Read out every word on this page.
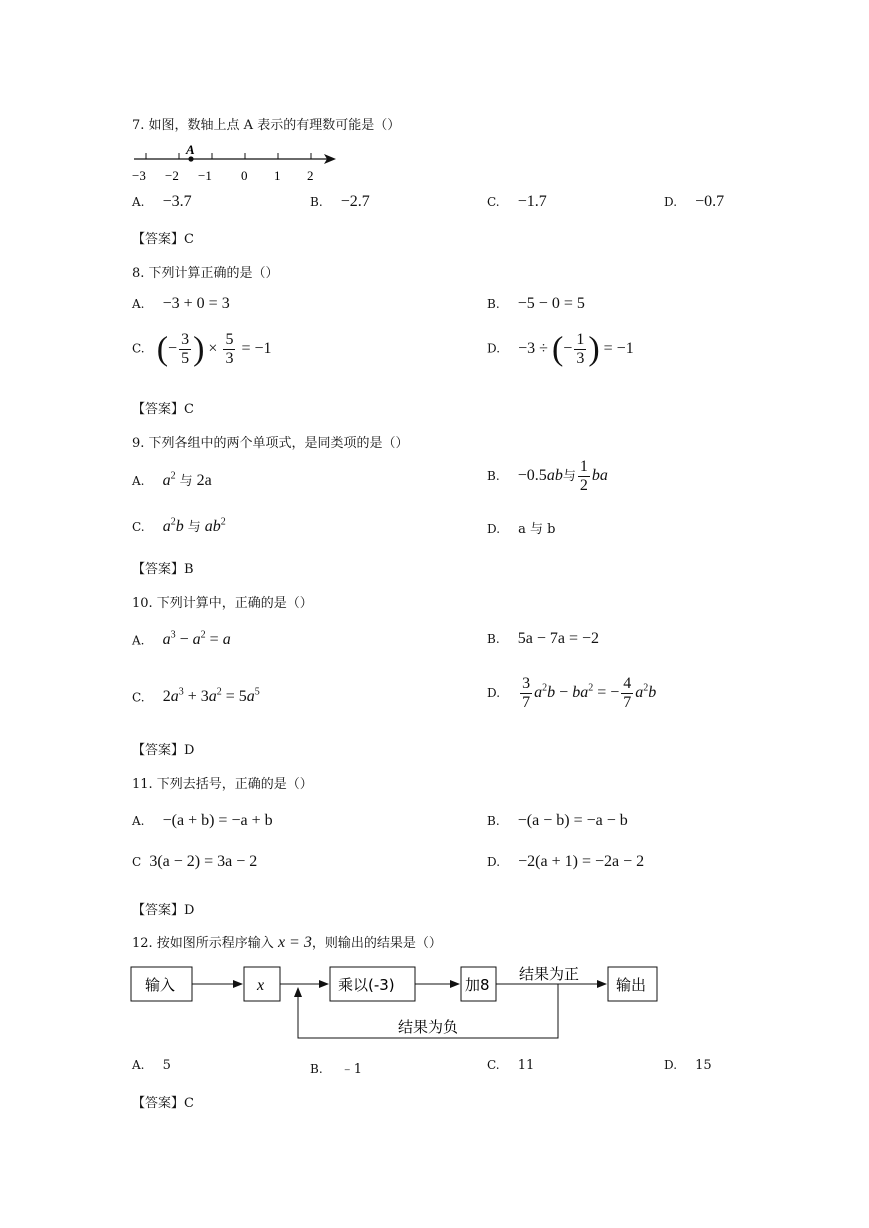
7. 如图，数轴上点 A 表示的有理数可能是（）
A
−3 −2 −1 0 1 2
A. −3.7	B. −2.7	C. −1.7	D. −0.7
【答案】C
8. 下列计算正确的是（）
A. −3 + 0 = 3	B. −5 − 0 = 5
C. (− $\frac{3}{5}$ ) × $\frac{5}{3} = -1$	D. −3 ÷ (− $\frac{1}{3}$ ) = −1
【答案】C
9. 下列各组中的两个单项式，是同类项的是（）
A. $a^2$ 与 2a	B. −0.5ab与 $\frac{1}{2}$ ba
C. $a^2b$ 与 $ab^2$	D. a 与 b
【答案】B
10. 下列计算中，正确的是（）
A. $a^3 - a^2 = a$	B. 5a − 7a = −2
C. $2a^3 + 3a^2 = 5a^5$	D. $\frac{3}{7} a^2b - ba^2$ = − $\frac{4}{7} a^2b$
【答案】D
11. 下列去括号，正确的是（）
A. −(a + b) = −a + b	B. −(a − b) = −a − b
C 3(a − 2) = 3a − 2	D. −2(a + 1) = −2a − 2
【答案】D
12. 按如图所示程序输入 x = 3，则输出的结果是（）
输入	x	乘以(-3)	加8
结果为正
输出
结果为负
A. 5	B. ﹣1	C. 11	D. 15
【答案】C
